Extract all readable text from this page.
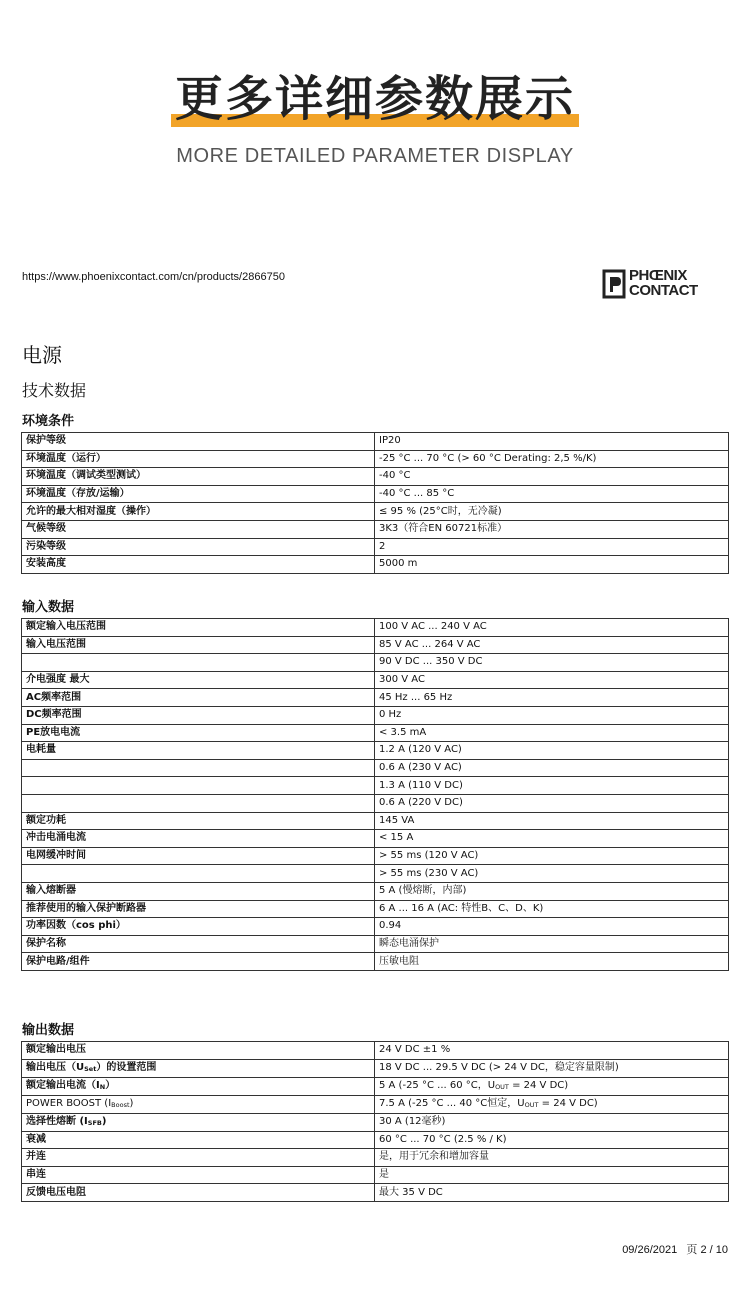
更多详细参数展示
MORE DETAILED PARAMETER DISPLAY
https://www.phoenixcontact.com/cn/products/2866750	PHŒNIX
CONTACT
电源
技术数据
环境条件
保护等级	IP20
环境温度（运行）	-25 °C ... 70 °C (> 60 °C Derating: 2,5 %/K)
环境温度（调试类型测试）	-40 °C
环境温度（存放/运输）	-40 °C ... 85 °C
允许的最大相对湿度（操作）	≤ 95 % (25°C时，无冷凝)
气候等级	3K3（符合EN 60721标准）
污染等级	2
安装高度	5000 m
输入数据
额定输入电压范围	100 V AC ... 240 V AC
输入电压范围	85 V AC ... 264 V AC
	90 V DC ... 350 V DC
介电强度 最大	300 V AC
AC频率范围	45 Hz ... 65 Hz
DC频率范围	0 Hz
PE放电电流	< 3.5 mA
电耗量	1.2 A (120 V AC)
	0.6 A (230 V AC)
	1.3 A (110 V DC)
	0.6 A (220 V DC)
额定功耗	145 VA
冲击电涌电流	< 15 A
电网缓冲时间	> 55 ms (120 V AC)
	> 55 ms (230 V AC)
输入熔断器	5 A (慢熔断，内部)
推荐使用的输入保护断路器	6 A ... 16 A (AC: 特性B、C、D、K)
功率因数（cos phi）	0.94
保护名称	瞬态电涌保护
保护电路/组件	压敏电阻
输出数据
额定输出电压	24 V DC ±1 %
输出电压（USet）的设置范围	18 V DC ... 29.5 V DC (> 24 V DC，稳定容量限制)
额定输出电流（IN）	5 A (-25 °C ... 60 °C，UOUT = 24 V DC)
POWER BOOST (IBoost)	7.5 A (-25 °C ... 40 °C恒定，UOUT = 24 V DC)
选择性熔断 (ISFB)	30 A (12毫秒)
衰减	60 °C ... 70 °C (2.5 % / K)
并连	是，用于冗余和增加容量
串连	是
反馈电压电阻	最大 35 V DC
09/26/2021 页 2 / 10
